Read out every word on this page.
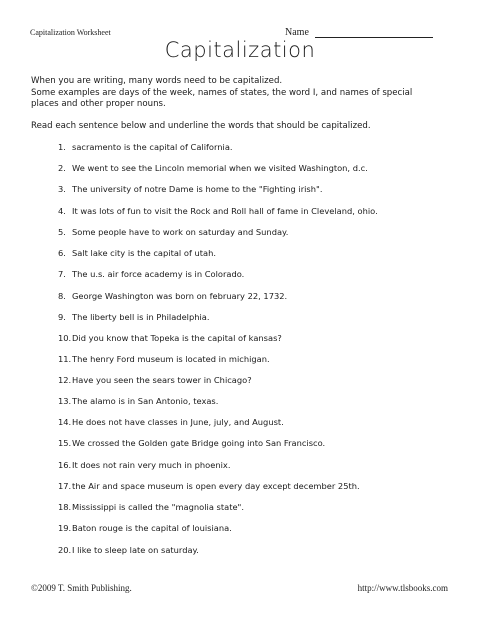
Capitalization Worksheet	Name
Capitalization
When you are writing, many words need to be capitalized.
Some examples are days of the week, names of states, the word I, and names of special
places and other proper nouns.
Read each sentence below and underline the words that should be capitalized.
1. sacramento is the capital of California.
2. We went to see the Lincoln memorial when we visited Washington, d.c.
3. The university of notre Dame is home to the "Fighting irish".
4. It was lots of fun to visit the Rock and Roll hall of fame in Cleveland, ohio.
5. Some people have to work on saturday and Sunday.
6. Salt lake city is the capital of utah.
7. The u.s. air force academy is in Colorado.
8. George Washington was born on february 22, 1732.
9. The liberty bell is in Philadelphia.
10.Did you know that Topeka is the capital of kansas?
11.The henry Ford museum is located in michigan.
12.Have you seen the sears tower in Chicago?
13.The alamo is in San Antonio, texas.
14.He does not have classes in June, july, and August.
15.We crossed the Golden gate Bridge going into San Francisco.
16.It does not rain very much in phoenix.
17.the Air and space museum is open every day except december 25th.
18.Mississippi is called the "magnolia state".
19.Baton rouge is the capital of louisiana.
20.I like to sleep late on saturday.
©2009 T. Smith Publishing.	http://www.tlsbooks.com
